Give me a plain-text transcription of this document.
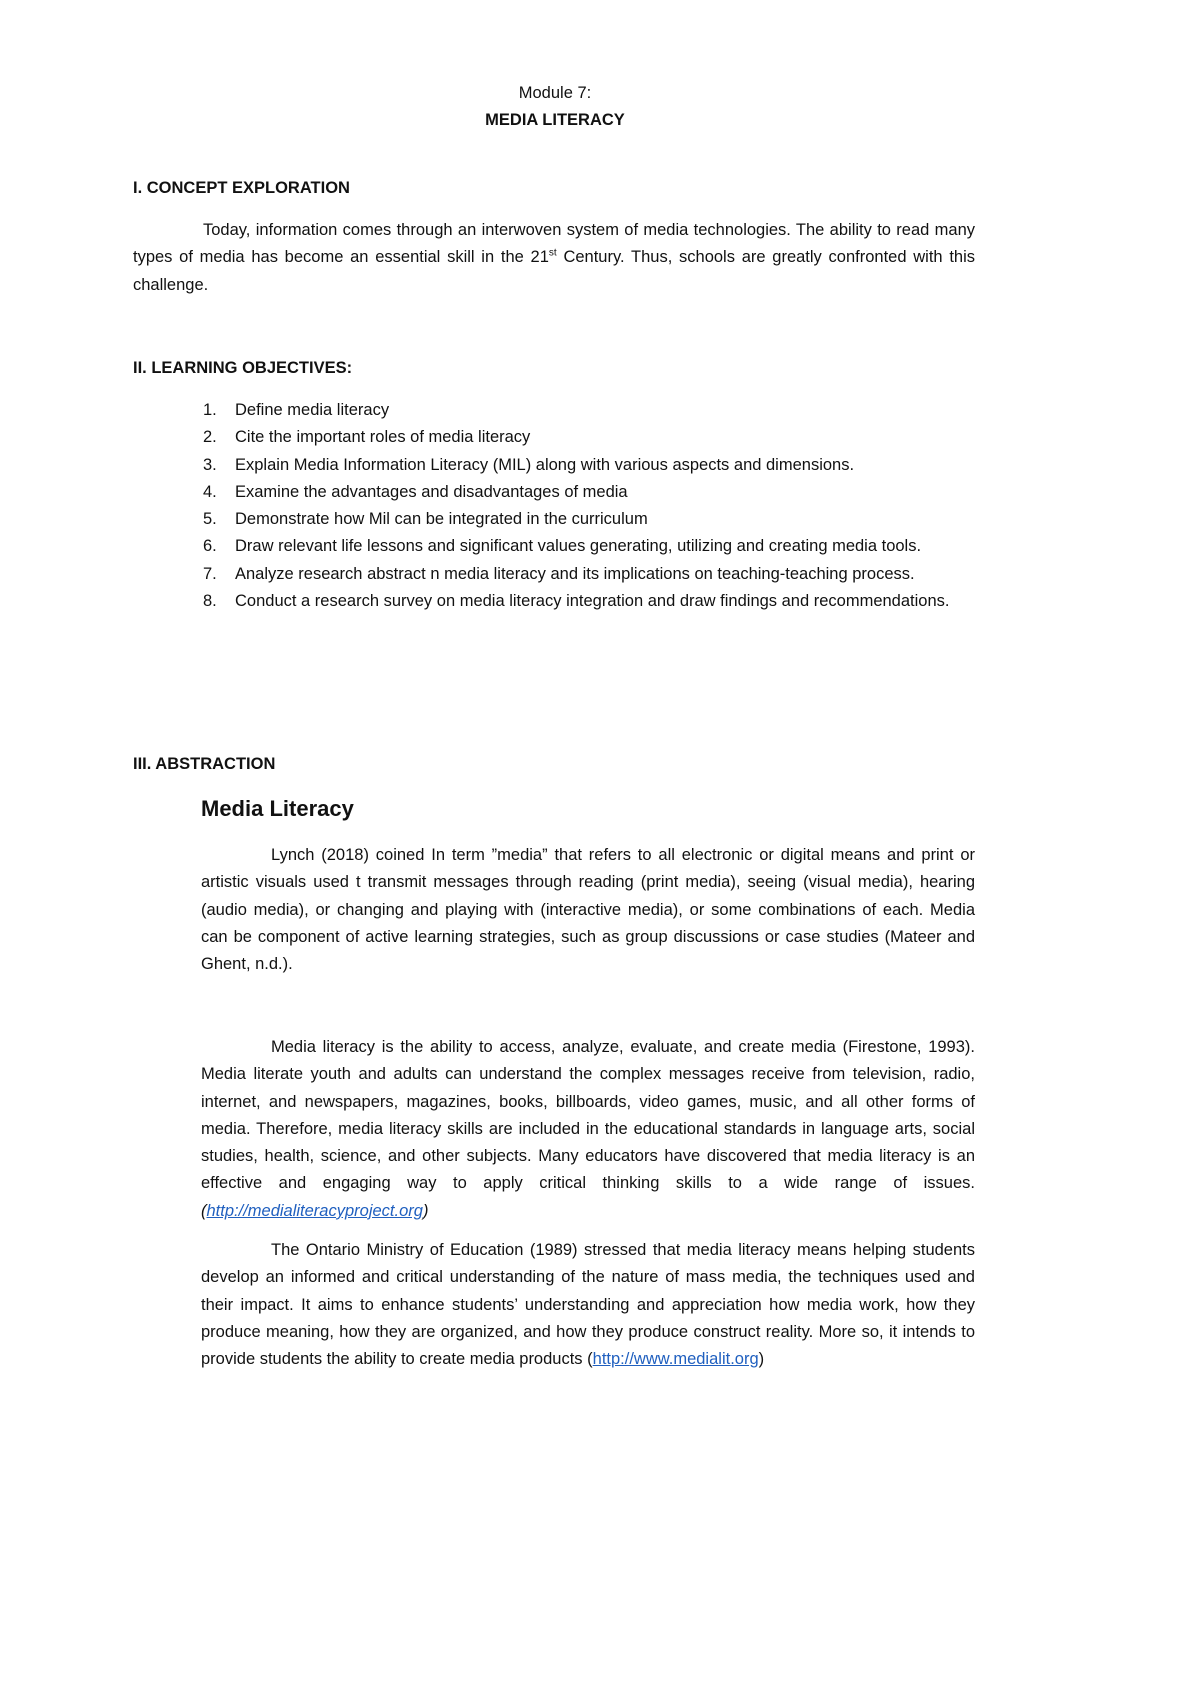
Module 7:
MEDIA LITERACY
I. CONCEPT EXPLORATION
Today, information comes through an interwoven system of media technologies. The ability to read many types of media has become an essential skill in the 21st Century. Thus, schools are greatly confronted with this challenge.
II. LEARNING OBJECTIVES:
1. Define media literacy
2. Cite the important roles of media literacy
3. Explain Media Information Literacy (MIL) along with various aspects and dimensions.
4. Examine the advantages and disadvantages of media
5. Demonstrate how Mil can be integrated in the curriculum
6. Draw relevant life lessons and significant values generating, utilizing and creating media tools.
7. Analyze research abstract n media literacy and its implications on teaching-teaching process.
8. Conduct a research survey on media literacy integration and draw findings and recommendations.
III. ABSTRACTION
Media Literacy
Lynch (2018) coined In term ”media” that refers to all electronic or digital means and print or artistic visuals used t transmit messages through reading (print media), seeing (visual media), hearing (audio media), or changing and playing with (interactive media), or some combinations of each. Media can be component of active learning strategies, such as group discussions or case studies (Mateer and Ghent, n.d.).
Media literacy is the ability to access, analyze, evaluate, and create media (Firestone, 1993). Media literate youth and adults can understand the complex messages receive from television, radio, internet, and newspapers, magazines, books, billboards, video games, music, and all other forms of media. Therefore, media literacy skills are included in the educational standards in language arts, social studies, health, science, and other subjects. Many educators have discovered that media literacy is an effective and engaging way to apply critical thinking skills to a wide range of issues. (http://medialiteracyproject.org)
The Ontario Ministry of Education (1989) stressed that media literacy means helping students develop an informed and critical understanding of the nature of mass media, the techniques used and their impact. It aims to enhance students’ understanding and appreciation how media work, how they produce meaning, how they are organized, and how they produce construct reality. More so, it intends to provide students the ability to create media products (http://www.medialit.org)
